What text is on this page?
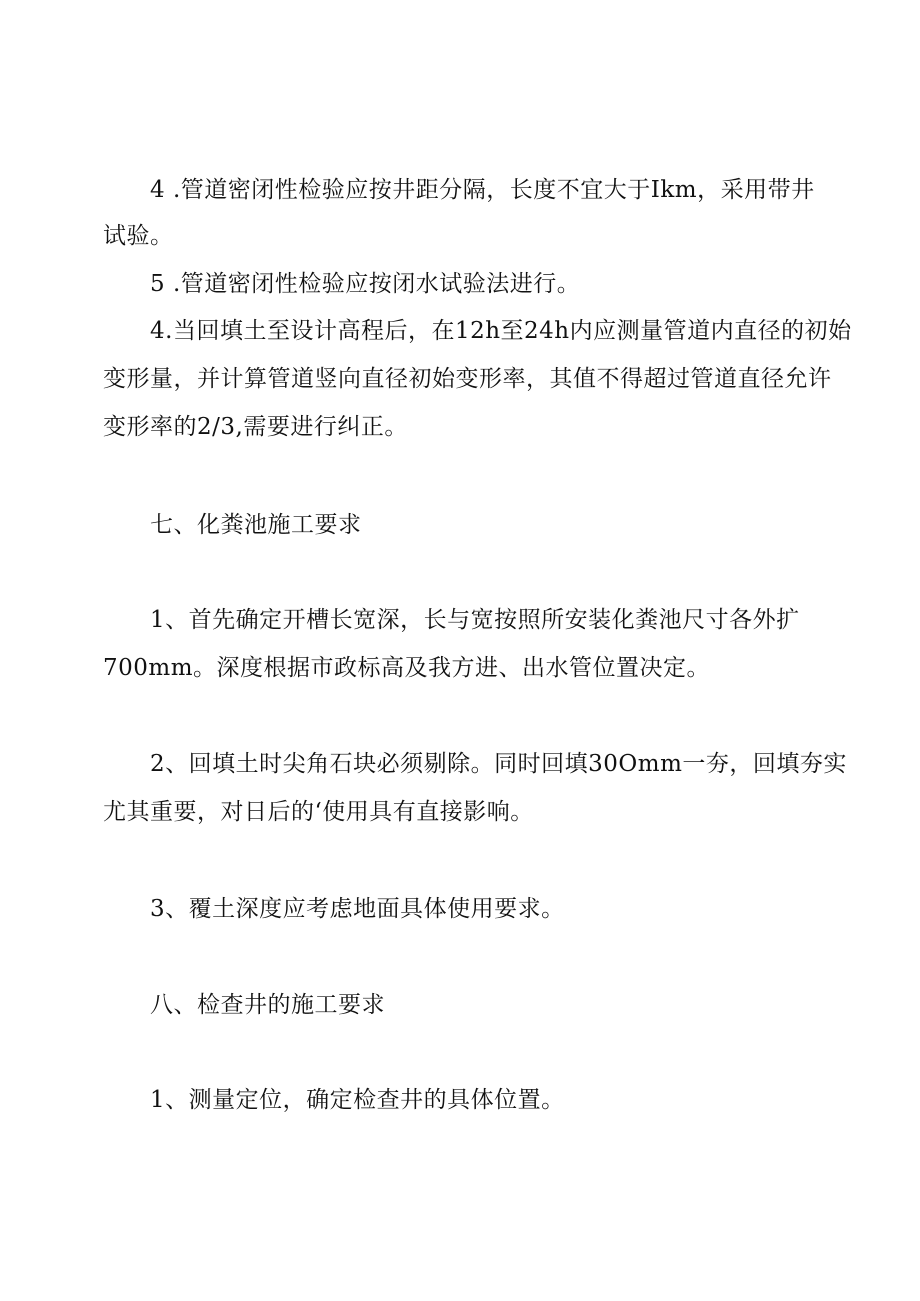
4 .管道密闭性检验应按井距分隔，长度不宜大于Ikm，采用带井
试验。
5 .管道密闭性检验应按闭水试验法进行。
4.当回填土至设计高程后，在12h至24h内应测量管道内直径的初始
变形量，并计算管道竖向直径初始变形率，其值不得超过管道直径允许
变形率的2/3,需要进行纠正。
七、化粪池施工要求
1、首先确定开槽长宽深，长与宽按照所安装化粪池尺寸各外扩
700mm。深度根据市政标高及我方进、出水管位置决定。
2、回填土时尖角石块必须剔除。同时回填30Omm一夯，回填夯实
尤其重要，对日后的‘使用具有直接影响。
3、覆土深度应考虑地面具体使用要求。
八、检查井的施工要求
1、测量定位，确定检查井的具体位置。
